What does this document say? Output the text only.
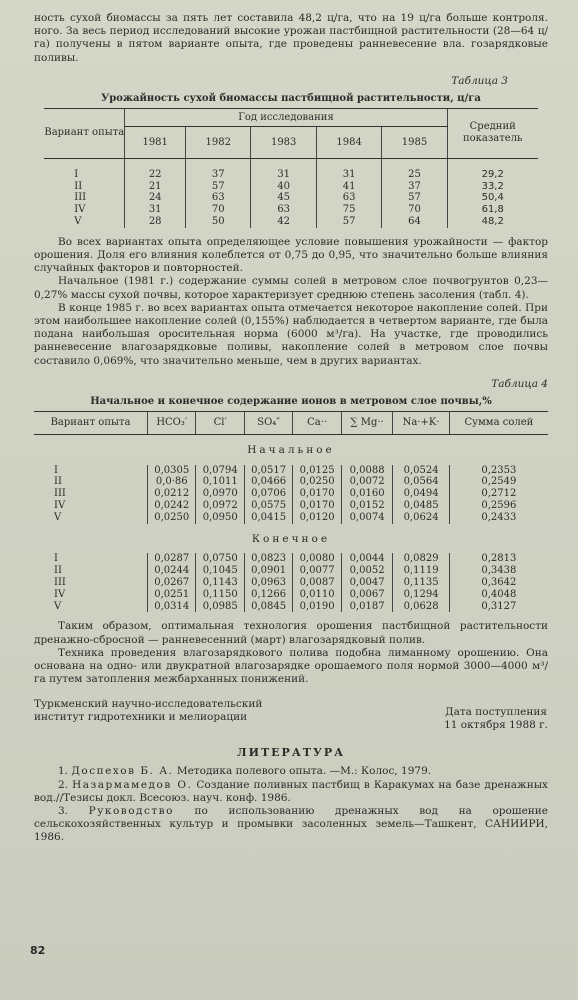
ность сухой биомассы за пять лет составила 48,2 ц/га, что на 19 ц/га больше контроля. ного. За весь период исследований высокие урожаи пастбищной растительности (28—64 ц/га) получены в пятом варианте опыта, где проведены ранневесение вла. гозарядковые поливы.

Таблица 3
Урожайность сухой биомассы пастбищной растительности, ц/га
Вариант опыта	Год исследования					Средний показатель
	1981	1982	1983	1984	1985	
I	22	37	31	31	25	29,2
II	21	57	40	41	37	33,2
III	24	63	45	63	57	50,4
IV	31	70	63	75	70	61,8
V	28	50	42	57	64	48,2

Во всех вариантах опыта определяющее условие повышения урожайности — фактор орошения. Доля его влияния колеблется от 0,75 до 0,95, что значительно больше влияния случайных факторов и повторностей.

Начальное (1981 г.) содержание суммы солей в метровом слое почвогрунтов 0,23—0,27% массы сухой почвы, которое характеризует среднюю степень засоления (табл. 4).

В конце 1985 г. во всех вариантах опыта отмечается некоторое накопление солей. При этом наибольшее накопление солей (0,155%) наблюдается в четвертом варианте, где была подана наибольшая оросительная норма (6000 м³/га). На участке, где проводились ранневесение влагозарядковые поливы, накопление солей в метровом слое почвы составило 0,069%, что значительно меньше, чем в других вариантах.

Таблица 4
Начальное и конечное содержание ионов в метровом слое почвы,%
Вариант опыта	HCO₃′	Cl′	SO₄″	Ca··	∑ Mg··	Na·+K·	Сумма солей
Начальное							
I	0,0305	0,0794	0,0517	0,0125	0,0088	0,0524	0,2353
II	0,0·86	0,1011	0,0466	0,0250	0,0072	0,0564	0,2549
III	0,0212	0,0970	0,0706	0,0170	0,0160	0,0494	0,2712
IV	0,0242	0,0972	0,0575	0,0170	0,0152	0,0485	0,2596
V	0,0250	0,0950	0,0415	0,0120	0,0074	0,0624	0,2433
Конечное							
I	0,0287	0,0750	0,0823	0,0080	0,0044	0,0829	0,2813
II	0,0244	0,1045	0,0901	0,0077	0,0052	0,1119	0,3438
III	0,0267	0,1143	0,0963	0,0087	0,0047	0,1135	0,3642
IV	0,0251	0,1150	0,1266	0,0110	0,0067	0,1294	0,4048
V	0,0314	0,0985	0,0845	0,0190	0,0187	0,0628	0,3127

Таким образом, оптимальная технология орошения пастбищной растительности дренажно-сбросной — ранневесенний (март) влагозарядковый полив.

Техника проведения влагозарядкового полива подобна лиманному орошению. Она основана на одно- или двукратной влагозарядке орошаемого поля нормой 3000—4000 м³/га путем затопления межбарханных понижений.

Туркменский научно-исследовательский
институт гидротехники и мелиорации	Дата поступления
11 октября 1988 г.
ЛИТЕРАТУРА

1. Доспехов Б. А. Методика полевого опыта. —М.: Колос, 1979.

2. Назармамедов О. Создание поливных пастбищ в Каракумах на базе дренажных вод.//Тезисы докл. Всесоюз. науч. конф. 1986.

3. Руководство по использованию дренажных вод на орошение сельскохозяйственных культур и промывки засоленных земель—Ташкент, САНИИРИ, 1986.

82
